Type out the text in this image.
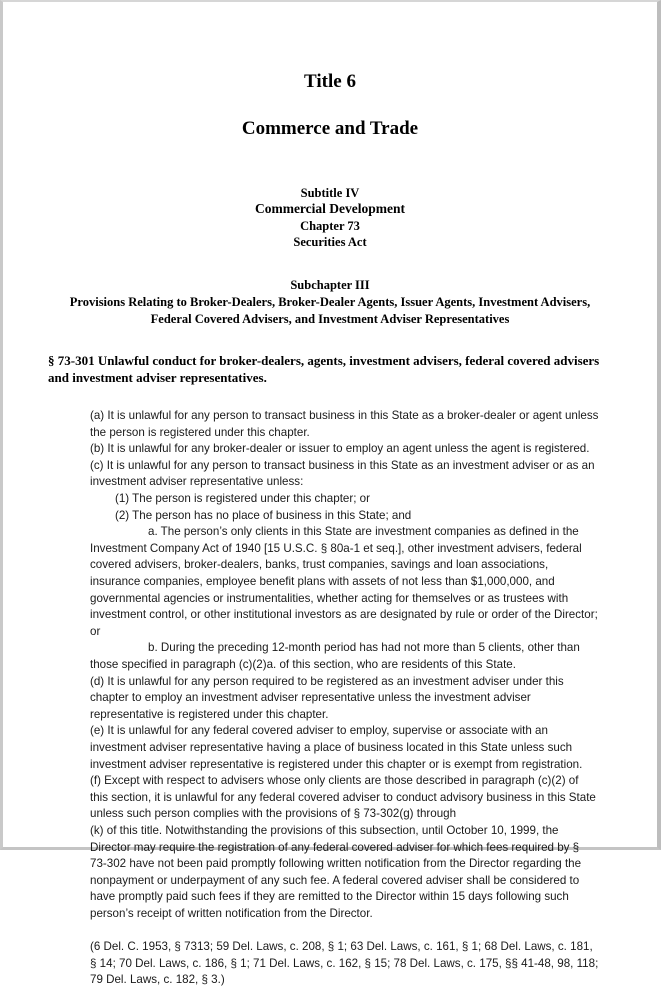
Title 6
Commerce and Trade
Subtitle IV
Commercial Development
Chapter 73
Securities Act
Subchapter III
Provisions Relating to Broker-Dealers, Broker-Dealer Agents, Issuer Agents, Investment Advisers, Federal Covered Advisers, and Investment Adviser Representatives
§ 73-301 Unlawful conduct for broker-dealers, agents, investment advisers, federal covered advisers and investment adviser representatives.

(a) It is unlawful for any person to transact business in this State as a broker-dealer or agent unless the person is registered under this chapter.

(b) It is unlawful for any broker-dealer or issuer to employ an agent unless the agent is registered.

(c) It is unlawful for any person to transact business in this State as an investment adviser or as an investment adviser representative unless:

(1) The person is registered under this chapter; or

(2) The person has no place of business in this State; and

a. The person’s only clients in this State are investment companies as defined in the Investment Company Act of 1940 [15 U.S.C. § 80a-1 et seq.], other investment advisers, federal covered advisers, broker-dealers, banks, trust companies, savings and loan associations, insurance companies, employee benefit plans with assets of not less than $1,000,000, and governmental agencies or instrumentalities, whether acting for themselves or as trustees with investment control, or other institutional investors as are designated by rule or order of the Director; or

b. During the preceding 12-month period has had not more than 5 clients, other than those specified in paragraph (c)(2)a. of this section, who are residents of this State.

(d) It is unlawful for any person required to be registered as an investment adviser under this chapter to employ an investment adviser representative unless the investment adviser representative is registered under this chapter.

(e) It is unlawful for any federal covered adviser to employ, supervise or associate with an investment adviser representative having a place of business located in this State unless such investment adviser representative is registered under this chapter or is exempt from registration.

(f) Except with respect to advisers whose only clients are those described in paragraph (c)(2) of this section, it is unlawful for any federal covered adviser to conduct advisory business in this State unless such person complies with the provisions of § 73-302(g) through

(k) of this title. Notwithstanding the provisions of this subsection, until October 10, 1999, the Director may require the registration of any federal covered adviser for which fees required by § 73-302 have not been paid promptly following written notification from the Director regarding the nonpayment or underpayment of any such fee. A federal covered adviser shall be considered to have promptly paid such fees if they are remitted to the Director within 15 days following such person’s receipt of written notification from the Director.

(6 Del. C. 1953, § 7313; 59 Del. Laws, c. 208, § 1; 63 Del. Laws, c. 161, § 1; 68 Del. Laws, c. 181, § 14; 70 Del. Laws, c. 186, § 1; 71 Del. Laws, c. 162, § 15; 78 Del. Laws, c. 175, §§ 41-48, 98, 118; 79 Del. Laws, c. 182, § 3.)
